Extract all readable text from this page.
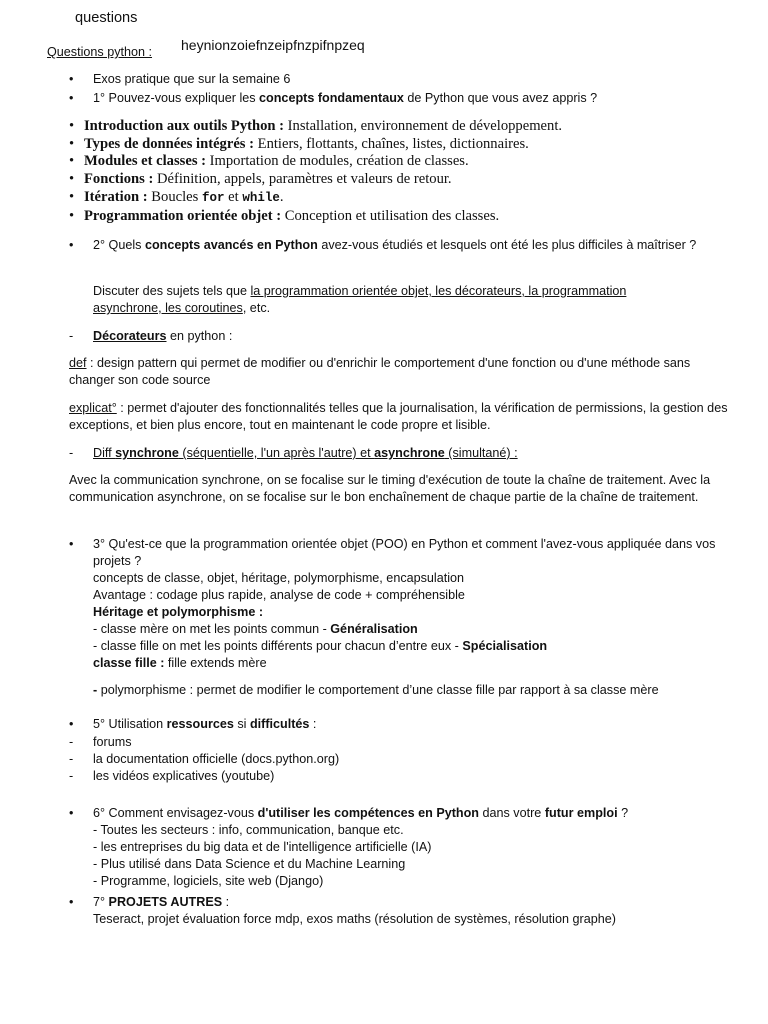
questions
heynionzoiefnzeipfnzpifnpzeq
Questions python :
• Exos pratique que sur la semaine 6
• 1° Pouvez-vous expliquer les concepts fondamentaux de Python que vous avez appris ?
• Introduction aux outils Python : Installation, environnement de développement.
• Types de données intégrés : Entiers, flottants, chaînes, listes, dictionnaires.
• Modules et classes : Importation de modules, création de classes.
• Fonctions : Définition, appels, paramètres et valeurs de retour.
• Itération : Boucles for et while.
• Programmation orientée objet : Conception et utilisation des classes.
• 2° Quels concepts avancés en Python avez-vous étudiés et lesquels ont été les plus difficiles à maîtriser ?
Discuter des sujets tels que la programmation orientée objet, les décorateurs, la programmation asynchrone, les coroutines, etc.
- Décorateurs en python :
def : design pattern qui permet de modifier ou d'enrichir le comportement d'une fonction ou d'une méthode sans changer son code source
explicat° : permet d'ajouter des fonctionnalités telles que la journalisation, la vérification de permissions, la gestion des exceptions, et bien plus encore, tout en maintenant le code propre et lisible.
- Diff synchrone (séquentielle, l'un après l'autre) et asynchrone (simultané) :
Avec la communication synchrone, on se focalise sur le timing d'exécution de toute la chaîne de traitement. Avec la communication asynchrone, on se focalise sur le bon enchaînement de chaque partie de la chaîne de traitement.
• 3° Qu'est-ce que la programmation orientée objet (POO) en Python et comment l'avez-vous appliquée dans vos projets ?
concepts de classe, objet, héritage, polymorphisme, encapsulation
Avantage : codage plus rapide, analyse de code + compréhensible
Héritage et polymorphisme :
- classe mère on met les points commun - Généralisation
- classe fille on met les points différents pour chacun d’entre eux - Spécialisation
classe fille : fille extends mère
- polymorphisme : permet de modifier le comportement d’une classe fille par rapport à sa classe mère
• 5° Utilisation ressources si difficultés :
- forums
- la documentation officielle (docs.python.org)
- les vidéos explicatives (youtube)
• 6° Comment envisagez-vous d'utiliser les compétences en Python dans votre futur emploi ?
- Toutes les secteurs : info, communication, banque etc.
- les entreprises du big data et de l'intelligence artificielle (IA)
- Plus utilisé dans Data Science et du Machine Learning
- Programme, logiciels, site web (Django)
• 7° PROJETS AUTRES :
Teseract, projet évaluation force mdp, exos maths (résolution de systèmes, résolution graphe)
